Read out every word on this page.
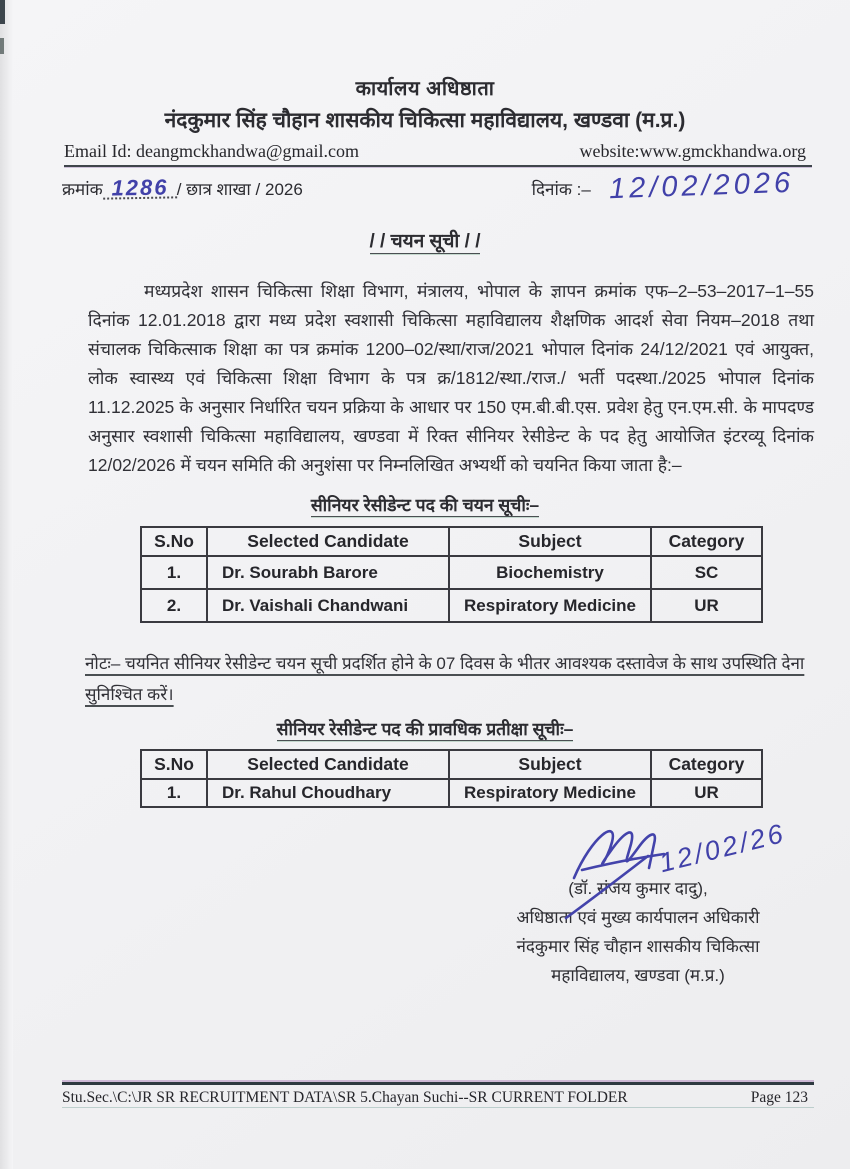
कार्यालय अधिष्ठाता
नंदकुमार सिंह चौहान शासकीय चिकित्सा महाविद्यालय, खण्डवा (म.प्र.)
Email Id: deangmckhandwa@gmail.com	website:www.gmckhandwa.org
क्रमांक 1286 / छात्र शाखा / 2026	दिनांक :– 12/02/2026
/ / चयन सूची / /

मध्यप्रदेश शासन चिकित्सा शिक्षा विभाग, मंत्रालय, भोपाल के ज्ञापन क्रमांक एफ–2–53–2017–1–55 दिनांक 12.01.2018 द्वारा मध्य प्रदेश स्वशासी चिकित्सा महाविद्यालय शैक्षणिक आदर्श सेवा नियम–2018 तथा संचालक चिकित्साक शिक्षा का पत्र क्रमांक 1200–02/स्था/राज/2021 भोपाल दिनांक 24/12/2021 एवं आयुक्त, लोक स्वास्थ्य एवं चिकित्सा शिक्षा विभाग के पत्र क्र/1812/स्था./राज./ भर्ती पदस्था./2025 भोपाल दिनांक 11.12.2025 के अनुसार निर्धारित चयन प्रक्रिया के आधार पर 150 एम.बी.बी.एस. प्रवेश हेतु एन.एम.सी. के मापदण्ड अनुसार स्वशासी चिकित्सा महाविद्यालय, खण्डवा में रिक्त सीनियर रेसीडेन्ट के पद हेतु आयोजित इंटरव्यू दिनांक 12/02/2026 में चयन समिति की अनुशंसा पर निम्नलिखित अभ्यर्थी को चयनित किया जाता है:–

सीनियर रेसीडेन्ट पद की चयन सूचीः–
S.No	Selected Candidate	Subject	Category
1.	Dr. Sourabh Barore	Biochemistry	SC
2.	Dr. Vaishali Chandwani	Respiratory Medicine	UR

नोटः– चयनित सीनियर रेसीडेन्ट चयन सूची प्रदर्शित होने के 07 दिवस के भीतर आवश्यक दस्तावेज के साथ उपस्थिति देना सुनिश्चित करें।

सीनियर रेसीडेन्ट पद की प्रावधिक प्रतीक्षा सूचीः–
S.No	Selected Candidate	Subject	Category
1.	Dr. Rahul Choudhary	Respiratory Medicine	UR
12/02/26
(डॉ. संजय कुमार दादु),
अधिष्ठाता एवं मुख्य कार्यपालन अधिकारी
नंदकुमार सिंह चौहान शासकीय चिकित्सा
महाविद्यालय, खण्डवा (म.प्र.)
Stu.Sec.\C:\JR SR RECRUITMENT DATA\SR 5.Chayan Suchi--SR CURRENT FOLDER	Page 123
